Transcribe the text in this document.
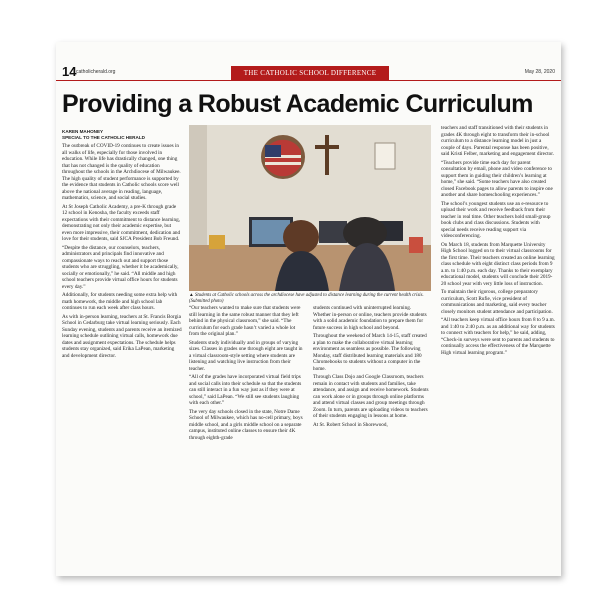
14 catholicherald.org	THE CATHOLIC SCHOOL DIFFERENCE	May 28, 2020
Providing a Robust Academic Curriculum
KAREN MAHONEY
SPECIAL TO THE CATHOLIC HERALD

The outbreak of COVID-19 continues to create issues in all walks of life, especially for those involved in education. While life has drastically changed, one thing that has not changed is the quality of education throughout the schools in the Archdiocese of Milwaukee. The high quality of student performance is supported by the evidence that students in Catholic schools score well above the national average in reading, language, mathematics, science, and social studies.

At St Joseph Catholic Academy, a pre-K through grade 12 school in Kenosha, the faculty exceeds staff expectations with their commitment to distance learning, demonstrating not only their academic expertise, but even more impressive, their commitment, dedication and love for their students, said SJCA President Bob Freund.

“Despite the distance, our counselors, teachers, administrators and principals find innovative and compassionate ways to reach out and support those students who are struggling, whether it be academically, socially or emotionally,” he said. “All middle and high school teachers provide virtual office hours for students every day.”

Additionally, for students needing some extra help with math homework, the middle and high school lab continues to run each week after class hours.

As with in-person learning, teachers at St. Francis Borgia School in Cedarburg take virtual learning seriously. Each Sunday evening, students and parents receive an itemized learning schedule outlining virtual calls, homework due dates and assignment expectations. The schedule helps students stay organized, said Erika LaPean, marketing and development director.

▲ Students at Catholic schools across the archdiocese have adjusted to distance learning during the current health crisis. (Submitted photo)

“Our teachers wanted to make sure that students were still learning in the same robust manner that they left behind in the physical classroom,” she said. “The curriculum for each grade hasn’t varied a whole lot from the original plan.”

Students study individually and in groups of varying sizes. Classes in grades one through eight are taught in a virtual classroom-style setting where students are listening and watching live instruction from their teacher.

“All of the grades have incorporated virtual field trips and social calls into their schedule so that the students can still interact in a fun way just as if they were at school,” said LaPean. “We still see students laughing with each other.”

The very day schools closed in the state, Notre Dame School of Milwaukee, which has no-cell primary, boys middle school, and a girls middle school on a separate campus, instituted online classes to ensure their 4K through eighth-grade

students continued with uninterrupted learning. Whether in-person or online, teachers provide students with a solid academic foundation to prepare them for future success in high school and beyond.

Throughout the weekend of March 14-15, staff created a plan to make the collaborative virtual learning environment as seamless as possible. The following Monday, staff distributed learning materials and 180 Chromebooks to students without a computer in the home.

Through Class Dojo and Google Classroom, teachers remain in contact with students and families, take attendance, and assign and receive homework. Students can work alone or in groups through online platforms and attend virtual classes and group meetings through Zoom. In turn, parents are uploading videos to teachers of their students engaging in lessons at home.

At St. Robert School in Shorewood,

teachers and staff transitioned with their students in grades 4K through eight to transform their in-school curriculum to a distance learning model in just a couple of days. Parental response has been positive, said Kristi Felber, marketing and engagement director.

“Teachers provide time each day for parent consultation by email, phone and video conference to support them in guiding their children’s learning at home,” she said. “Some teachers have also created closed Facebook pages to allow parents to inspire one another and share homeschooling experiences.”

The school’s youngest students use an e-resource to upload their work and receive feedback from their teacher in real time. Other teachers hold small-group book clubs and class discussions. Students with special needs receive reading support via videoconferencing.

On March 18, students from Marquette University High School logged on to their virtual classrooms for the first time. Their teachers created an online learning class schedule with eight distinct class periods from 9 a.m. to 1:40 p.m. each day. Thanks to their exemplary educational model, students will conclude their 2019-20 school year with very little loss of instruction.

To maintain their rigorous, college preparatory curriculum, Scott Rufie, vice president of communications and marketing, said every teacher closely monitors student attendance and participation.

“All teachers keep virtual office hours from 8 to 9 a.m. and 1:40 to 2:40 p.m. as an additional way for students to connect with teachers for help,” he said, adding, “Check-in surveys were sent to parents and students to continually access the effectiveness of the Marquette High virtual learning program.”
